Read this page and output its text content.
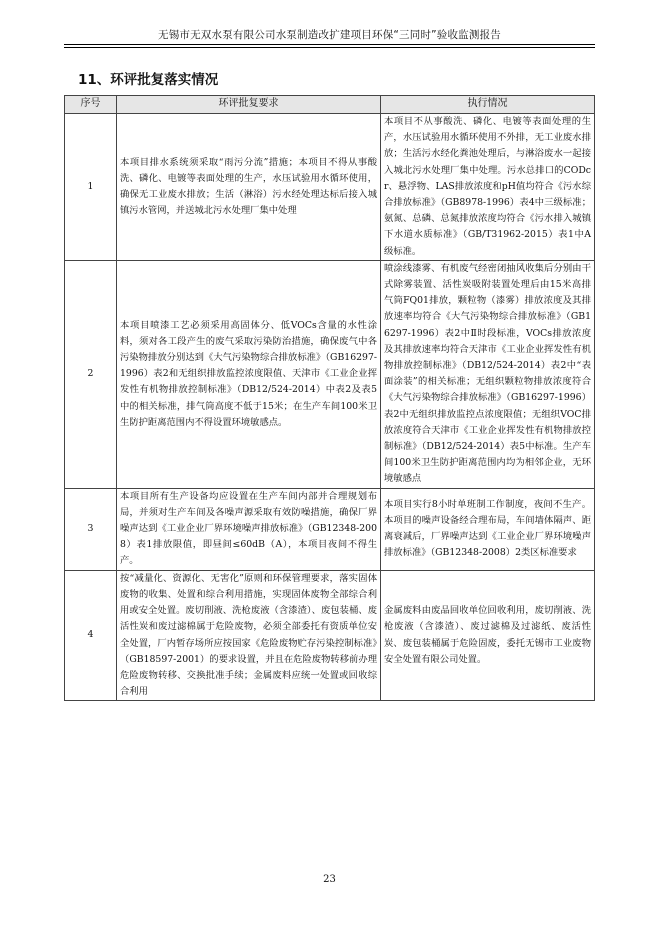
无锡市无双水泵有限公司水泵制造改扩建项目环保“三同时”验收监测报告
11、环评批复落实情况
序号	环评批复要求	执行情况
1	本项目排水系统须采取“雨污分流”措施；本项目不得从事酸洗、磷化、电镀等表面处理的生产，水压试验用水循环使用，确保无工业废水排放；生活（淋浴）污水经处理达标后接入城镇污水管网，并送城北污水处理厂集中处理	本项目不从事酸洗、磷化、电镀等表面处理的生产，水压试验用水循环使用不外排，无工业废水排放；生活污水经化粪池处理后，与淋浴废水一起接入城北污水处理厂集中处理。污水总排口的CODcr、悬浮物、LAS排放浓度和pH值均符合《污水综合排放标准》（GB8978-1996）表4中三级标准；氨氮、总磷、总氮排放浓度均符合《污水排入城镇下水道水质标准》（GB/T31962-2015）表1中A级标准。
2	本项目喷漆工艺必须采用高固体分、低VOCs含量的水性涂料，须对各工段产生的废气采取污染防治措施，确保废气中各污染物排放分别达到《大气污染物综合排放标准》（GB16297-1996）表2和无组织排放监控浓度限值、天津市《工业企业挥发性有机物排放控制标准》（DB12/524-2014）中表2及表5中的相关标准，排气筒高度不低于15米；在生产车间100米卫生防护距离范围内不得设置环境敏感点。	喷涂线漆雾、有机废气经密闭抽风收集后分别由干式除雾装置、活性炭吸附装置处理后由15米高排气筒FQ01排放，颗粒物（漆雾）排放浓度及其排放速率均符合《大气污染物综合排放标准》（GB16297-1996）表2中Ⅱ时段标准，VOCs排放浓度及其排放速率均符合天津市《工业企业挥发性有机物排放控制标准》（DB12/524-2014）表2中“表面涂装”的相关标准；无组织颗粒物排放浓度符合《大气污染物综合排放标准》（GB16297-1996）表2中无组织排放监控点浓度限值；无组织VOC排放浓度符合天津市《工业企业挥发性有机物排放控制标准》（DB12/524-2014）表5中标准。生产车间100米卫生防护距离范围内均为相邻企业，无环境敏感点
3	本项目所有生产设备均应设置在生产车间内部并合理规划布局，并须对生产车间及各噪声源采取有效防噪措施，确保厂界噪声达到《工业企业厂界环境噪声排放标准》（GB12348-2008）表1排放限值，即昼间≤60dB（A），本项目夜间不得生产。	本项目实行8小时单班制工作制度，夜间不生产。本项目的噪声设备经合理布局，车间墙体隔声、距离衰减后，厂界噪声达到《工业企业厂界环境噪声排放标准》（GB12348-2008）2类区标准要求
4	按“减量化、资源化、无害化”原则和环保管理要求，落实固体废物的收集、处置和综合利用措施，实现固体废物全部综合利用或安全处置。废切削液、洗枪废液（含漆渣）、废包装桶、废活性炭和废过滤棉属于危险废物，必须全部委托有资质单位安全处置，厂内暂存场所应按国家《危险废物贮存污染控制标准》（GB18597-2001）的要求设置，并且在危险废物转移前办理危险废物转移、交换批准手续；金属废料应统一处置或回收综合利用	金属废料由废品回收单位回收利用，废切削液、洗枪废液（含漆渣）、废过滤棉及过滤纸、废活性炭、废包装桶属于危险固废，委托无锡市工业废物安全处置有限公司处置。
23
